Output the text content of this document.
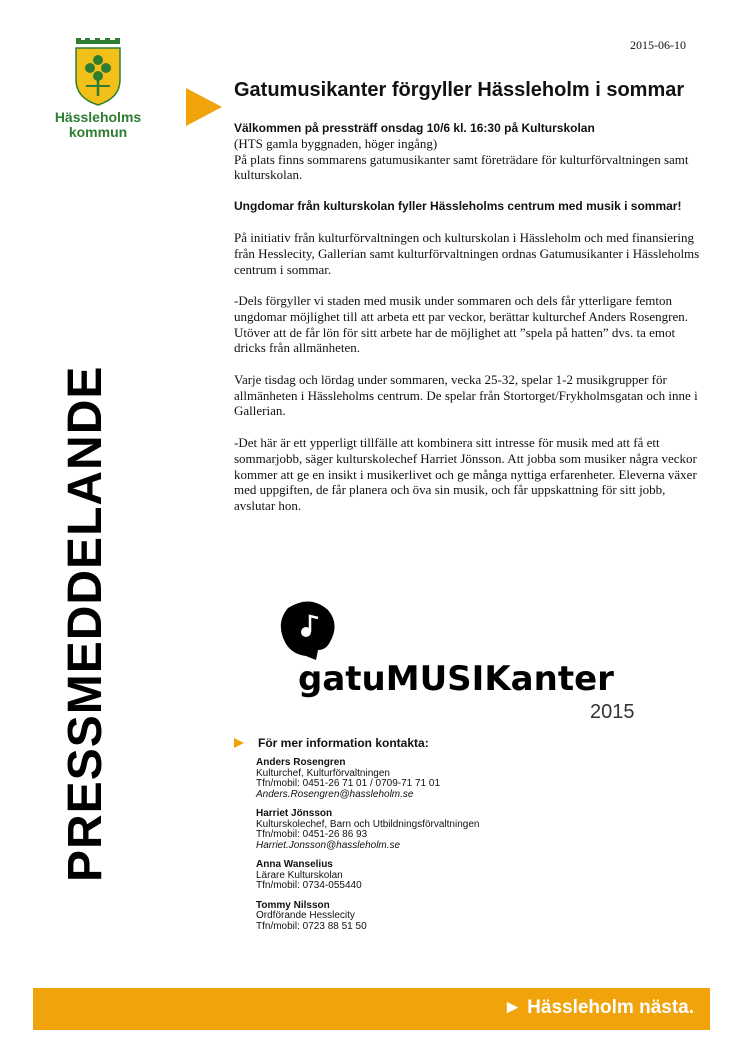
2015-06-10
Hässleholms
kommun
PRESSMEDDELANDE
Gatumusikanter förgyller Hässleholm i sommar
Välkommen på pressträff onsdag 10/6 kl. 16:30 på Kulturskolan

(HTS gamla byggnaden, höger ingång)

På plats finns sommarens gatumusikanter samt företrädare för kulturförvaltningen samt kulturskolan.

Ungdomar från kulturskolan fyller Hässleholms centrum med musik i sommar!

På initiativ från kulturförvaltningen och kulturskolan i Hässleholm och med finansiering från Hesslecity, Gallerian samt kulturförvaltningen ordnas Gatumusikanter i Hässleholms centrum i sommar.

-Dels förgyller vi staden med musik under sommaren och dels får ytterligare femton ungdomar möjlighet till att arbeta ett par veckor, berättar kulturchef Anders Rosengren. Utöver att de får lön för sitt arbete har de möjlighet att ”spela på hatten” dvs. ta emot dricks från allmänheten.

Varje tisdag och lördag under sommaren, vecka 25-32, spelar 1-2 musikgrupper för allmänheten i Hässleholms centrum. De spelar från Stortorget/Frykholmsgatan och inne i Gallerian.

-Det här är ett ypperligt tillfälle att kombinera sitt intresse för musik med att få ett sommarjobb, säger kulturskolechef Harriet Jönsson. Att jobba som musiker några veckor kommer att ge en insikt i musikerlivet och ge många nyttiga erfarenheter. Eleverna växer med uppgiften, de får planera och öva sin musik, och får uppskattning för sitt jobb, avslutar hon.

gatuMUSIKanter
2015
För mer information kontakta:
Anders Rosengren
Kulturchef, Kulturförvaltningen
Tfn/mobil: 0451-26 71 01 / 0709-71 71 01
Anders.Rosengren@hassleholm.se
Harriet Jönsson
Kulturskolechef, Barn och Utbildningsförvaltningen
Tfn/mobil: 0451-26 86 93
Harriet.Jonsson@hassleholm.se
Anna Wanselius
Lärare Kulturskolan
Tfn/mobil: 0734-055440
Tommy Nilsson
Ordförande Hesslecity
Tfn/mobil: 0723 88 51 50
► Hässleholm nästa.
